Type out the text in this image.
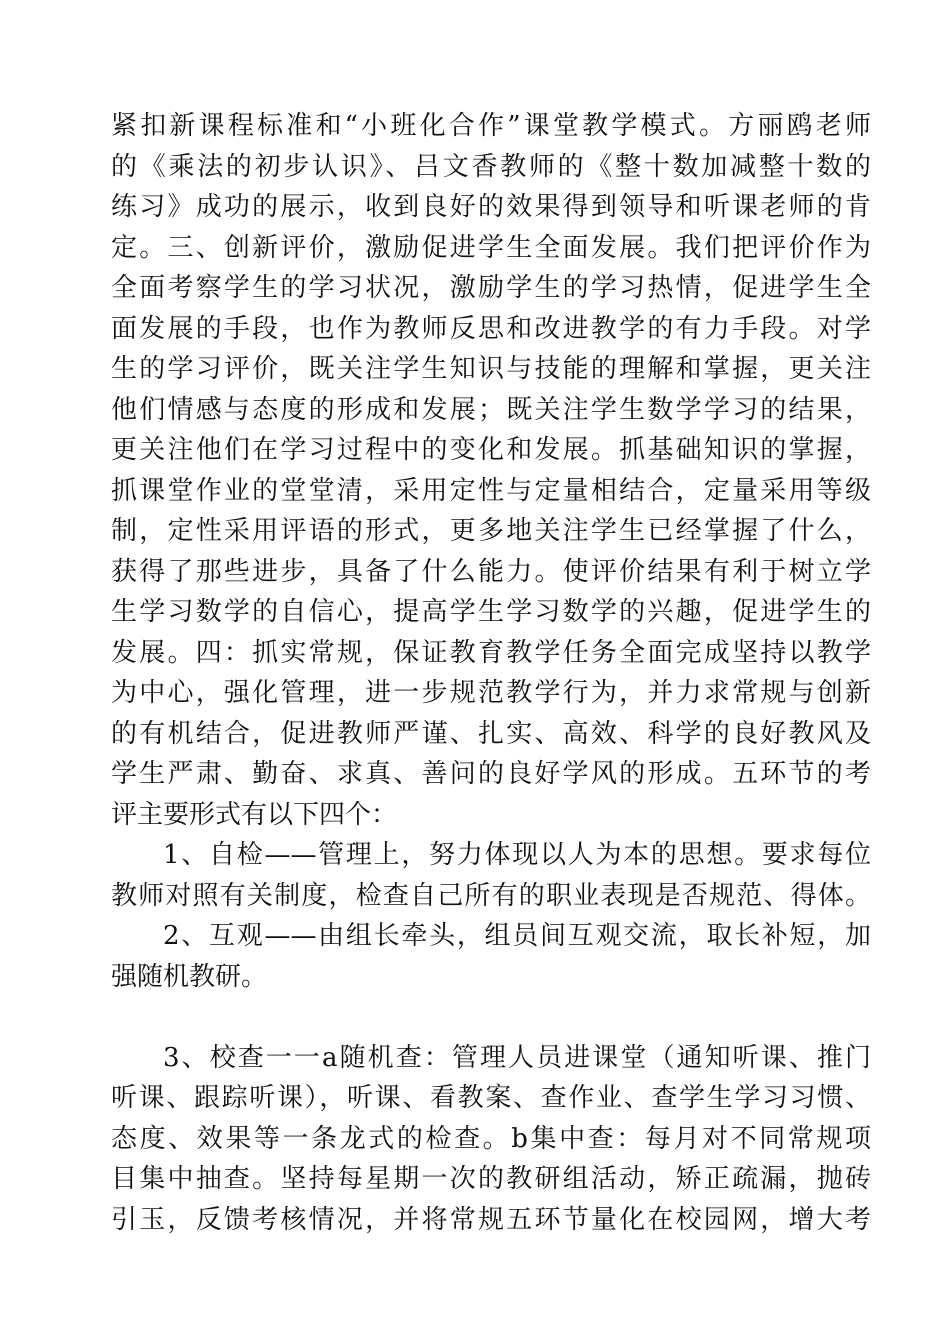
紧扣新课程标准和“小班化合作”课堂教学模式。方丽鸥老师
的《乘法的初步认识》、吕文香教师的《整十数加减整十数的
练习》成功的展示，收到良好的效果得到领导和听课老师的肯
定。三、创新评价，激励促进学生全面发展。我们把评价作为
全面考察学生的学习状况，激励学生的学习热情，促进学生全
面发展的手段，也作为教师反思和改进教学的有力手段。对学
生的学习评价，既关注学生知识与技能的理解和掌握，更关注
他们情感与态度的形成和发展；既关注学生数学学习的结果，
更关注他们在学习过程中的变化和发展。抓基础知识的掌握，
抓课堂作业的堂堂清，采用定性与定量相结合，定量采用等级
制，定性采用评语的形式，更多地关注学生已经掌握了什么，
获得了那些进步，具备了什么能力。使评价结果有利于树立学
生学习数学的自信心，提高学生学习数学的兴趣，促进学生的
发展。四：抓实常规，保证教育教学任务全面完成坚持以教学
为中心，强化管理，进一步规范教学行为，并力求常规与创新
的有机结合，促进教师严谨、扎实、高效、科学的良好教风及
学生严肃、勤奋、求真、善问的良好学风的形成。五环节的考
评主要形式有以下四个：
1、自检——管理上，努力体现以人为本的思想。要求每位
教师对照有关制度，检查自己所有的职业表现是否规范、得体。
2、互观——由组长牵头，组员间互观交流，取长补短，加
强随机教研。
3、校查一一a随机查：管理人员进课堂（通知听课、推门
听课、跟踪听课），听课、看教案、查作业、查学生学习习惯、
态度、效果等一条龙式的检查。b集中查：每月对不同常规项
目集中抽查。坚持每星期一次的教研组活动，矫正疏漏，抛砖
引玉，反馈考核情况，并将常规五环节量化在校园网，增大考
